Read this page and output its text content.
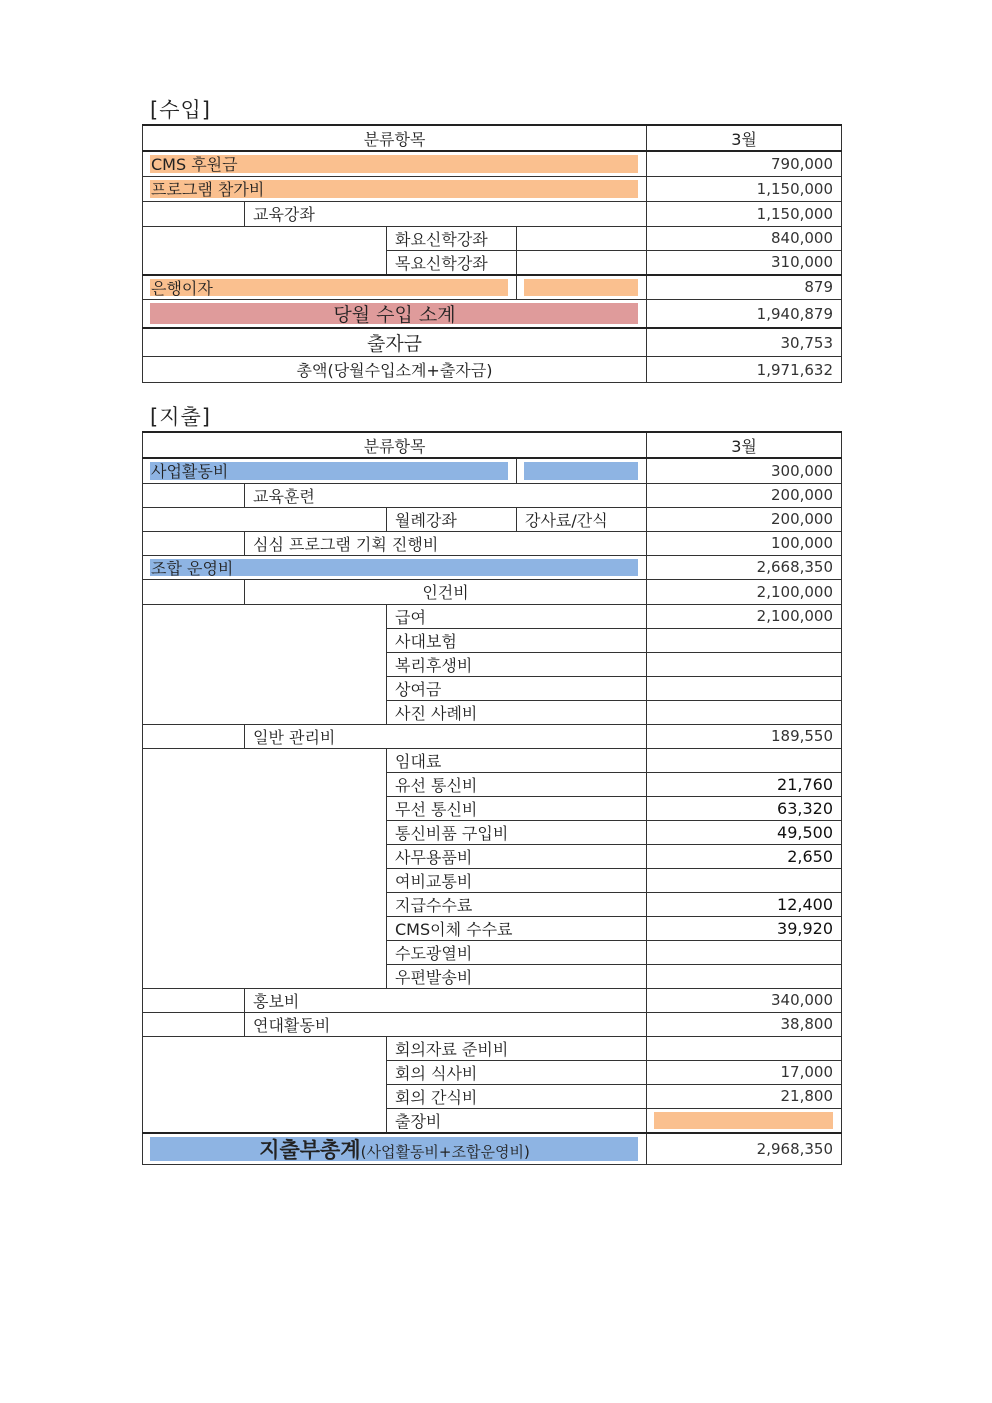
[수입]
분류항목				3월

CMS 후원금				790,000

프로그램 참가비				1,150,000
	교육강좌			1,150,000
		화요신학강좌		840,000
		목요신학강좌		310,000

은행이자				879

당월 수입 소계				1,940,879
출자금				30,753
총액(당월수입소계+출자금)				1,971,632
[지출]
분류항목				3월

사업활동비				300,000
	교육훈련			200,000
		월례강좌	강사료/간식	200,000
	심심 프로그램 기획 진행비			100,000

조합 운영비				2,668,350
	인건비			2,100,000
		급여		2,100,000
		사대보험		
		복리후생비		
		상여금		
		사진 사례비		
	일반 관리비			189,550
		임대료		
		유선 통신비		21,760
		무선 통신비		63,320
		통신비품 구입비		49,500
		사무용품비		2,650
		여비교통비		
		지급수수료		12,400
		CMS이체 수수료		39,920
		수도광열비		
		우편발송비		
	홍보비			340,000
	연대활동비			38,800
		회의자료 준비비		
		회의 식사비		17,000
		회의 간식비		21,800
		출장비		

지출부총계(사업활동비+조합운영비)				2,968,350
